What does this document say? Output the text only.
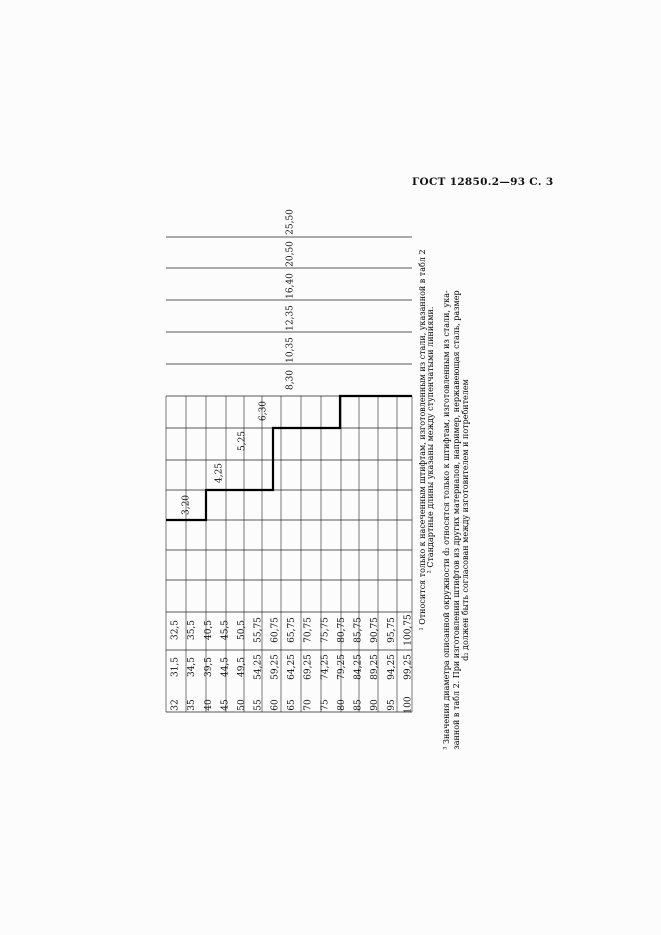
ГОСТ 12850.2—93 С. 3
32 35 40 45 50 55 60 65 70 75 80 85 90 95 100
31,5 34,5 39,5 44,5 49,5 54,25 59,25 64,25 69,25 74,25 79,25 84,25 89,25 94,25 99,25
32,5 35,5 40,5 45,5 50,5 55,75 60,75 65,75 70,75 75,75 80,75 85,75 90,75 95,75 100,75
3,20
4,25
5,25
6,30
8,30
10,35
12,35
16,40
20,50
25,50
¹ Относится только к насеченным штифтам, изготовленным из стали, указанной в табл 2 ² Стандартные длины указаны между ступенчатыми линиями. ³ Значения диаметра описанной окружности d₂ относятся только к штифтам, изготовленным из стали, ука- занной в табл 2. При изготовлении штифтов из других материалов, например, нержавеющая сталь, размер d₂ должен быть согласован между изготовителем и потребителем
